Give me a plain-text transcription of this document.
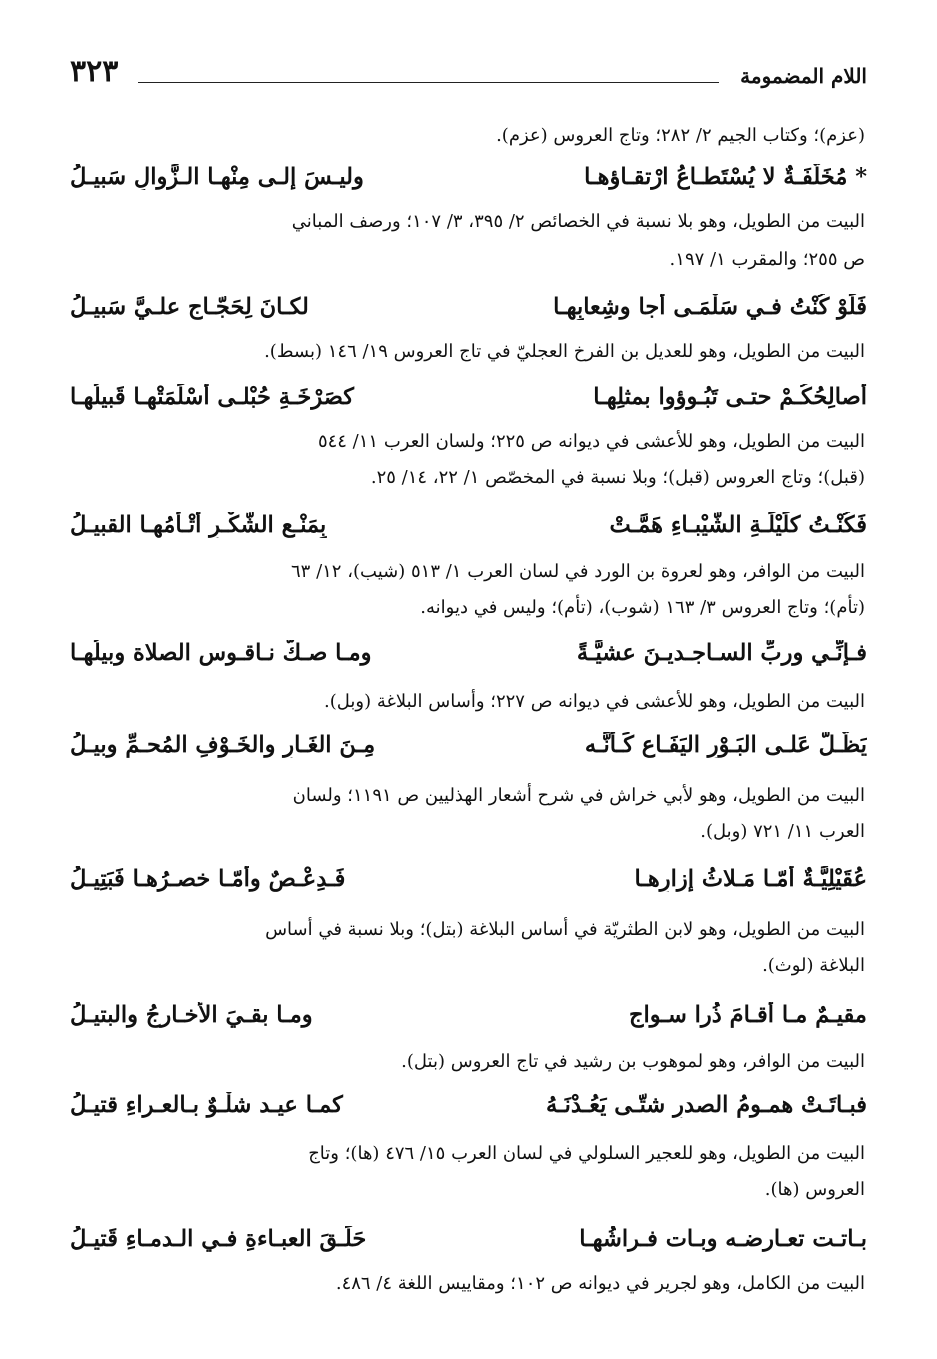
اللام المضمومة
٣٢٣
(عزم)؛ وكتاب الجيم ٢/ ٢٨٢؛ وتاج العروس (عزم).
* مُخَلَّفَـةٌ لا يُسْتَطـاعُ ارْتقـاؤهـا
وليـسَ إلـى مِنْهـا الـزَّوالِ سَبيـلُ
البيت من الطويل، وهو بلا نسبة في الخصائص ٢/ ٣٩٥، ٣/ ١٠٧؛ ورصف المباني
ص ٢٥٥؛ والمقرب ١/ ١٩٧.
فَلَوْ كُنْتُ فـي سَلْمَـى أجا وشِعابِهـا
لكـانَ لِحَجّـاجٍ علـيَّ سَبيـلُ
البيت من الطويل، وهو للعديل بن الفرخ العجليّ في تاج العروس ١٩/ ١٤٦ (بسط).
أُصالِحُكُـمْ حتـى تَبُـوؤوا بمثلِهـا
كصَرْخَـةِ حُبْلـى أسْلَمَتْهـا قَبيلُهـا
البيت من الطويل، وهو للأعشى في ديوانه ص ٢٢٥؛ ولسان العرب ١١/ ٥٤٤
(قبل)؛ وتاج العروس (قبل)؛ وبلا نسبة في المخصّص ١/ ٢٢، ١٤/ ٢٥.
فَكُنْـتُ كلَيْلَـةِ الشَّيْبـاءِ هَمَّـتْ
بِمَنْـعِ الشَّكْـرِ أتْـأَمُهـا القبيـلُ
البيت من الوافر، وهو لعروة بن الورد في لسان العرب ١/ ٥١٣ (شيب)، ١٢/ ٦٣
(تأم)؛ وتاج العروس ٣/ ١٦٣ (شوب)، (تأم)؛ وليس في ديوانه.
فـإنِّـي وربِّ السـاجـديـنَ عشيَّـةً
ومـا صـكَّ نـاقـوس الصلاة وبيلُهـا
البيت من الطويل، وهو للأعشى في ديوانه ص ٢٢٧؛ وأساس البلاغة (وبل).
يَظَّـلُّ عَلـى البَـوْرِ اليَفَـاعِ كَـأنَّـه
مِـنَ الغَـارِ والخَـوْفِ المُحـمِّ وبيـلُ
البيت من الطويل، وهو لأبي خراش في شرح أشعار الهذليين ص ١١٩١؛ ولسان
العرب ١١/ ٧٢١ (وبل).
عُقَيْلِيَّـةٌ أمّـا مَـلاثُ إزارِهـا
فَـدِعْـصٌ وأمّـا خصـرُهـا فَبَتِيـلُ
البيت من الطويل، وهو لابن الطثريّة في أساس البلاغة (بتل)؛ وبلا نسبة في أساس
البلاغة (لوث).
مقيـمٌ مـا أقـامَ ذُرا سـواجٍ
ومـا بقـيَ الأخـارجُ والبتيـلُ
البيت من الوافر، وهو لموهوب بن رشيد في تاج العروس (بتل).
فبـاتَـتْ همـومُ الصدرِ شتّـى يَعُـدْنَـهُ
كمـا عيـد شلْـوٌ بـالعـراءِ قتيـلُ
البيت من الطويل، وهو للعجير السلولي في لسان العرب ١٥/ ٤٧٦ (ها)؛ وتاج
العروس (ها).
بـاتـت تعـارضـه وبـات فـراشُهـا
حَلَـقَ العبـاءةِ فـي الـدمـاءِ قَتيـلُ
البيت من الكامل، وهو لجرير في ديوانه ص ١٠٢؛ ومقاييس اللغة ٤/ ٤٨٦.
